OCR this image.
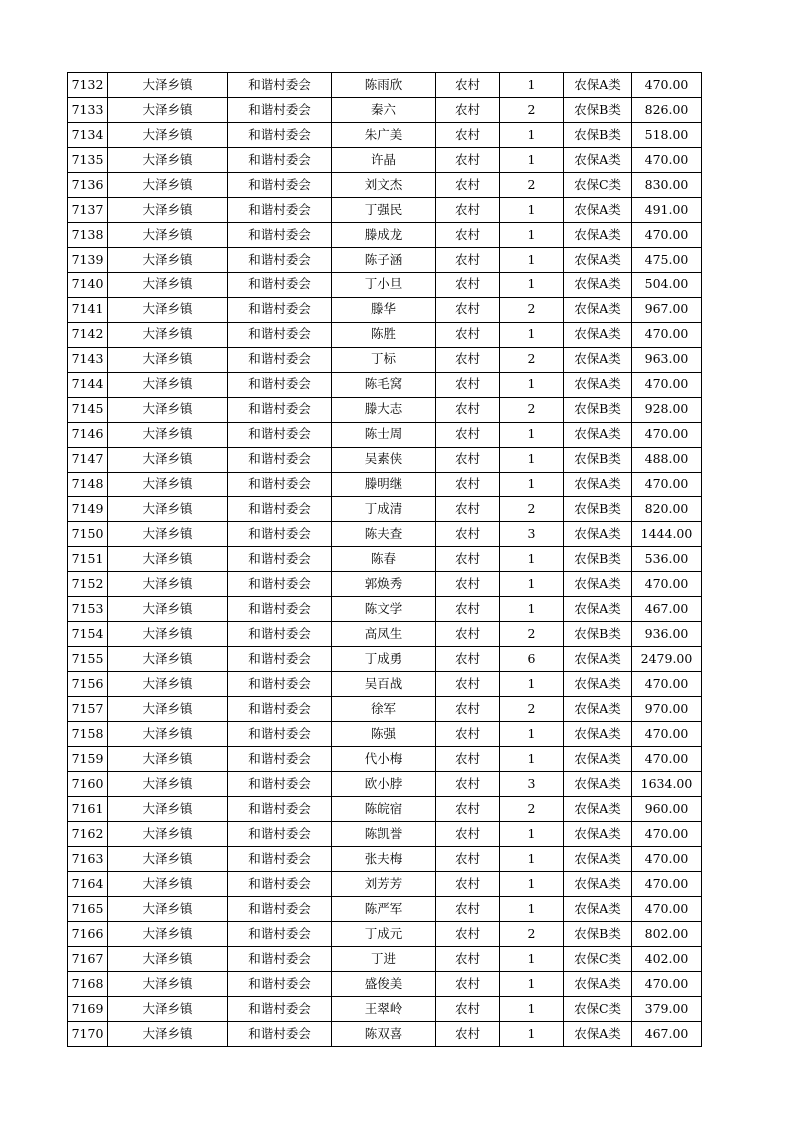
7132	大泽乡镇	和谐村委会	陈雨欣	农村	1	农保A类	470.00
7133	大泽乡镇	和谐村委会	秦六	农村	2	农保B类	826.00
7134	大泽乡镇	和谐村委会	朱广美	农村	1	农保B类	518.00
7135	大泽乡镇	和谐村委会	许晶	农村	1	农保A类	470.00
7136	大泽乡镇	和谐村委会	刘文杰	农村	2	农保C类	830.00
7137	大泽乡镇	和谐村委会	丁强民	农村	1	农保A类	491.00
7138	大泽乡镇	和谐村委会	滕成龙	农村	1	农保A类	470.00
7139	大泽乡镇	和谐村委会	陈子涵	农村	1	农保A类	475.00
7140	大泽乡镇	和谐村委会	丁小旦	农村	1	农保A类	504.00
7141	大泽乡镇	和谐村委会	滕华	农村	2	农保A类	967.00
7142	大泽乡镇	和谐村委会	陈胜	农村	1	农保A类	470.00
7143	大泽乡镇	和谐村委会	丁标	农村	2	农保A类	963.00
7144	大泽乡镇	和谐村委会	陈毛窝	农村	1	农保A类	470.00
7145	大泽乡镇	和谐村委会	滕大志	农村	2	农保B类	928.00
7146	大泽乡镇	和谐村委会	陈士周	农村	1	农保A类	470.00
7147	大泽乡镇	和谐村委会	吴素侠	农村	1	农保B类	488.00
7148	大泽乡镇	和谐村委会	滕明继	农村	1	农保A类	470.00
7149	大泽乡镇	和谐村委会	丁成清	农村	2	农保B类	820.00
7150	大泽乡镇	和谐村委会	陈夫查	农村	3	农保A类	1444.00
7151	大泽乡镇	和谐村委会	陈春	农村	1	农保B类	536.00
7152	大泽乡镇	和谐村委会	郭焕秀	农村	1	农保A类	470.00
7153	大泽乡镇	和谐村委会	陈文学	农村	1	农保A类	467.00
7154	大泽乡镇	和谐村委会	高凤生	农村	2	农保B类	936.00
7155	大泽乡镇	和谐村委会	丁成勇	农村	6	农保A类	2479.00
7156	大泽乡镇	和谐村委会	吴百战	农村	1	农保A类	470.00
7157	大泽乡镇	和谐村委会	徐军	农村	2	农保A类	970.00
7158	大泽乡镇	和谐村委会	陈强	农村	1	农保A类	470.00
7159	大泽乡镇	和谐村委会	代小梅	农村	1	农保A类	470.00
7160	大泽乡镇	和谐村委会	欧小脖	农村	3	农保A类	1634.00
7161	大泽乡镇	和谐村委会	陈皖宿	农村	2	农保A类	960.00
7162	大泽乡镇	和谐村委会	陈凯誉	农村	1	农保A类	470.00
7163	大泽乡镇	和谐村委会	张夫梅	农村	1	农保A类	470.00
7164	大泽乡镇	和谐村委会	刘芳芳	农村	1	农保A类	470.00
7165	大泽乡镇	和谐村委会	陈严军	农村	1	农保A类	470.00
7166	大泽乡镇	和谐村委会	丁成元	农村	2	农保B类	802.00
7167	大泽乡镇	和谐村委会	丁进	农村	1	农保C类	402.00
7168	大泽乡镇	和谐村委会	盛俊美	农村	1	农保A类	470.00
7169	大泽乡镇	和谐村委会	王翠岭	农村	1	农保C类	379.00
7170	大泽乡镇	和谐村委会	陈双喜	农村	1	农保A类	467.00
